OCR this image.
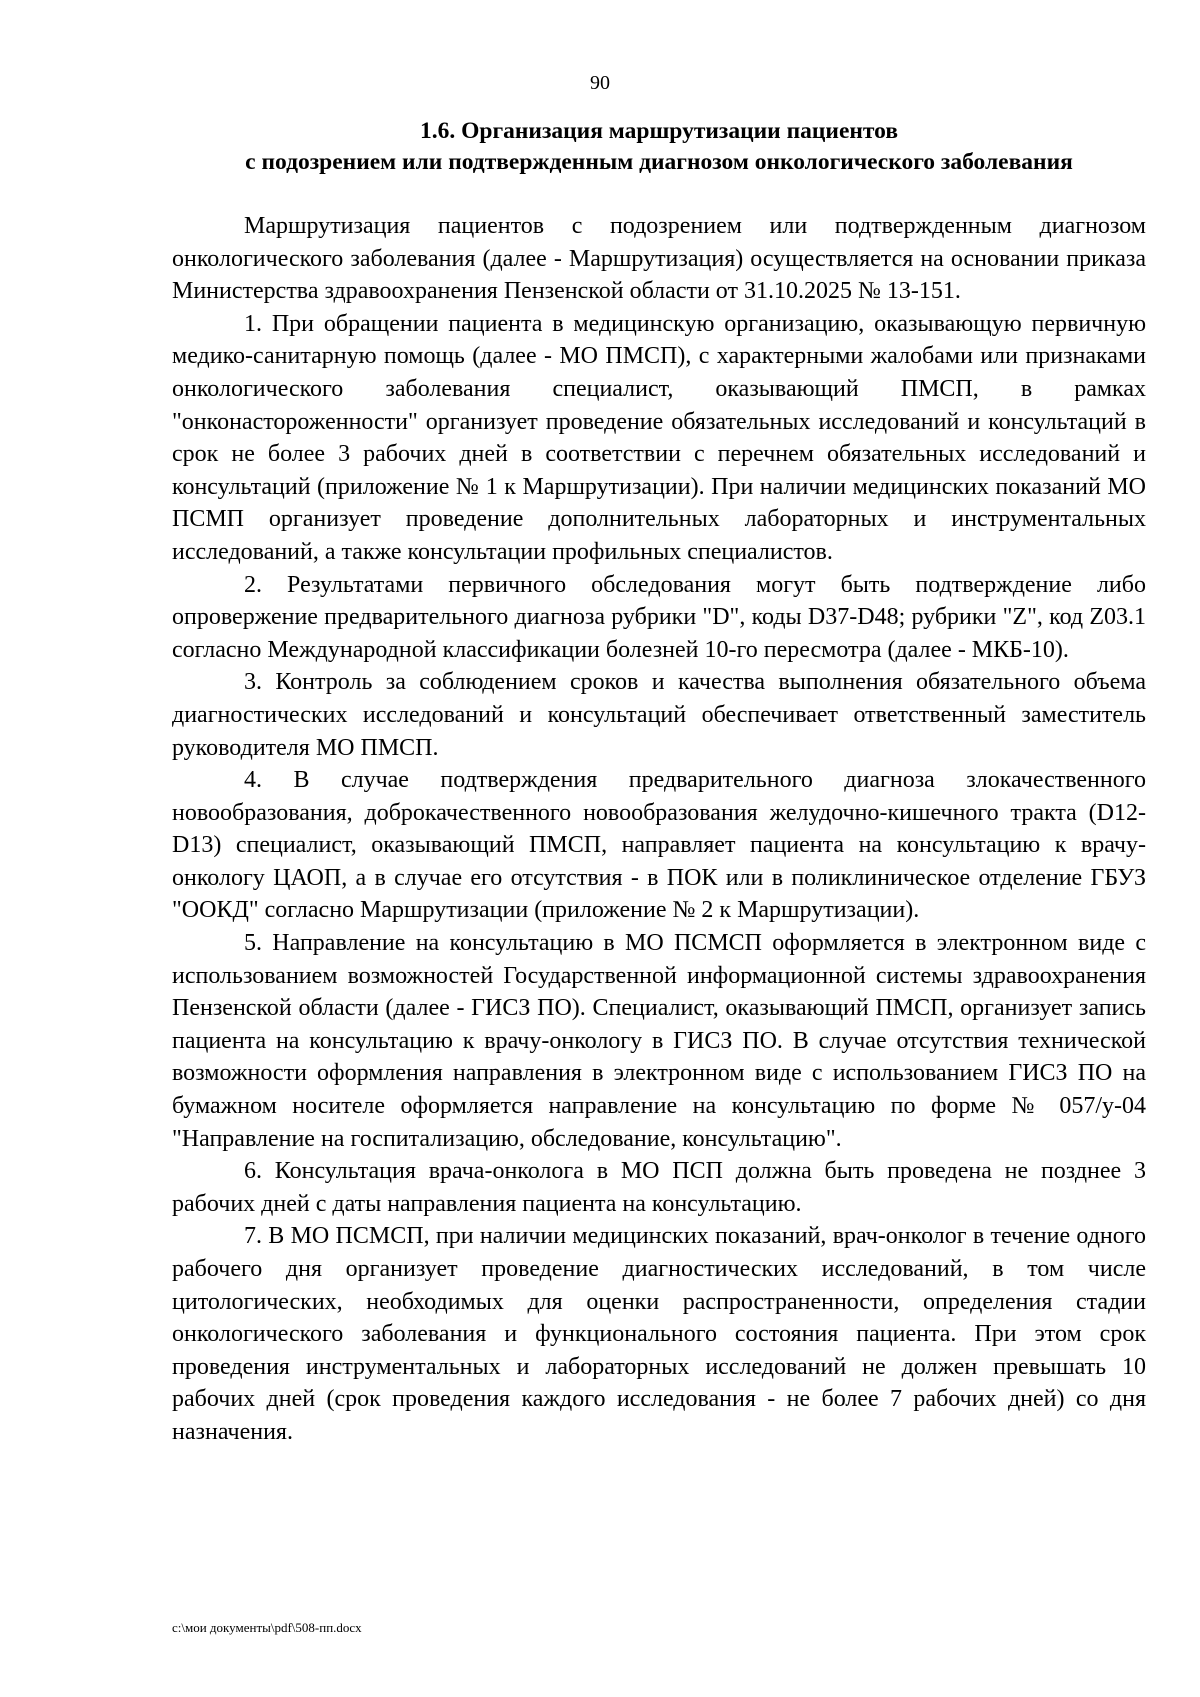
90
1.6. Организация маршрутизации пациентов
с подозрением или подтвержденным диагнозом онкологического заболевания

Маршрутизация пациентов с подозрением или подтвержденным диагнозом онкологического заболевания (далее - Маршрутизация) осуществляется на основании приказа Министерства здравоохранения Пензенской области от 31.10.2025 № 13-151.

1. При обращении пациента в медицинскую организацию, оказывающую первичную медико-санитарную помощь (далее - МО ПМСП), с характерными жалобами или признаками онкологического заболевания специалист, оказывающий ПМСП, в рамках "онконастороженности" организует проведение обязательных исследований и консультаций в срок не более 3 рабочих дней в соответствии с перечнем обязательных исследований и консультаций (приложение № 1 к Маршрутизации). При наличии медицинских показаний МО ПСМП организует проведение дополнительных лабораторных и инструментальных исследований, а также консультации профильных специалистов.

2. Результатами первичного обследования могут быть подтверждение либо опровержение предварительного диагноза рубрики "D", коды D37-D48; рубрики "Z", код Z03.1 согласно Международной классификации болезней 10-го пересмотра (далее - МКБ-10).

3. Контроль за соблюдением сроков и качества выполнения обязательного объема диагностических исследований и консультаций обеспечивает ответственный заместитель руководителя МО ПМСП.

4. В случае подтверждения предварительного диагноза злокачественного новообразования, доброкачественного новообразования желудочно-кишечного тракта (D12-D13) специалист, оказывающий ПМСП, направляет пациента на консультацию к врачу-онкологу ЦАОП, а в случае его отсутствия - в ПОК или в поликлиническое отделение ГБУЗ "ООКД" согласно Маршрутизации (приложение № 2 к Маршрутизации).

5. Направление на консультацию в МО ПСМСП оформляется в электронном виде с использованием возможностей Государственной информационной системы здравоохранения Пензенской области (далее - ГИСЗ ПО). Специалист, оказывающий ПМСП, организует запись пациента на консультацию к врачу-онкологу в ГИСЗ ПО. В случае отсутствия технической возможности оформления направления в электронном виде с использованием ГИСЗ ПО на бумажном носителе оформляется направление на консультацию по форме № 057/у-04 "Направление на госпитализацию, обследование, консультацию".

6. Консультация врача-онколога в МО ПСП должна быть проведена не позднее 3 рабочих дней с даты направления пациента на консультацию.

7. В МО ПСМСП, при наличии медицинских показаний, врач-онколог в течение одного рабочего дня организует проведение диагностических исследований, в том числе цитологических, необходимых для оценки распространенности, определения стадии онкологического заболевания и функционального состояния пациента. При этом срок проведения инструментальных и лабораторных исследований не должен превышать 10 рабочих дней (срок проведения каждого исследования - не более 7 рабочих дней) со дня назначения.

c:\мои документы\pdf\508-пп.docx
